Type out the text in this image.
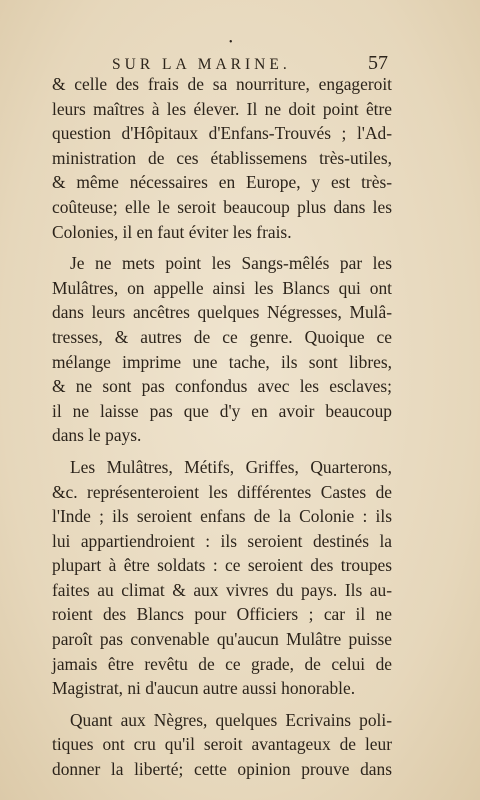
•
SUR LA MARINE.	57
& celle des frais de sa nourriture, engageroit
leurs maîtres à les élever. Il ne doit point être
question d'Hôpitaux d'Enfans-Trouvés ; l'Ad-
ministration de ces établissemens très-utiles,
& même nécessaires en Europe, y est très-
coûteuse; elle le seroit beaucoup plus dans les
Colonies, il en faut éviter les frais.
Je ne mets point les Sangs-mêlés par les
Mulâtres, on appelle ainsi les Blancs qui ont
dans leurs ancêtres quelques Négresses, Mulâ-
tresses, & autres de ce genre. Quoique ce
mélange imprime une tache, ils sont libres,
& ne sont pas confondus avec les esclaves;
il ne laisse pas que d'y en avoir beaucoup
dans le pays.
Les Mulâtres, Métifs, Griffes, Quarterons,
&c. représenteroient les différentes Castes de
l'Inde ; ils seroient enfans de la Colonie : ils
lui appartiendroient : ils seroient destinés la
plupart à être soldats : ce seroient des troupes
faites au climat & aux vivres du pays. Ils au-
roient des Blancs pour Officiers ; car il ne
paroît pas convenable qu'aucun Mulâtre puisse
jamais être revêtu de ce grade, de celui de
Magistrat, ni d'aucun autre aussi honorable.
Quant aux Nègres, quelques Ecrivains poli-
tiques ont cru qu'il seroit avantageux de leur
donner la liberté; cette opinion prouve dans
